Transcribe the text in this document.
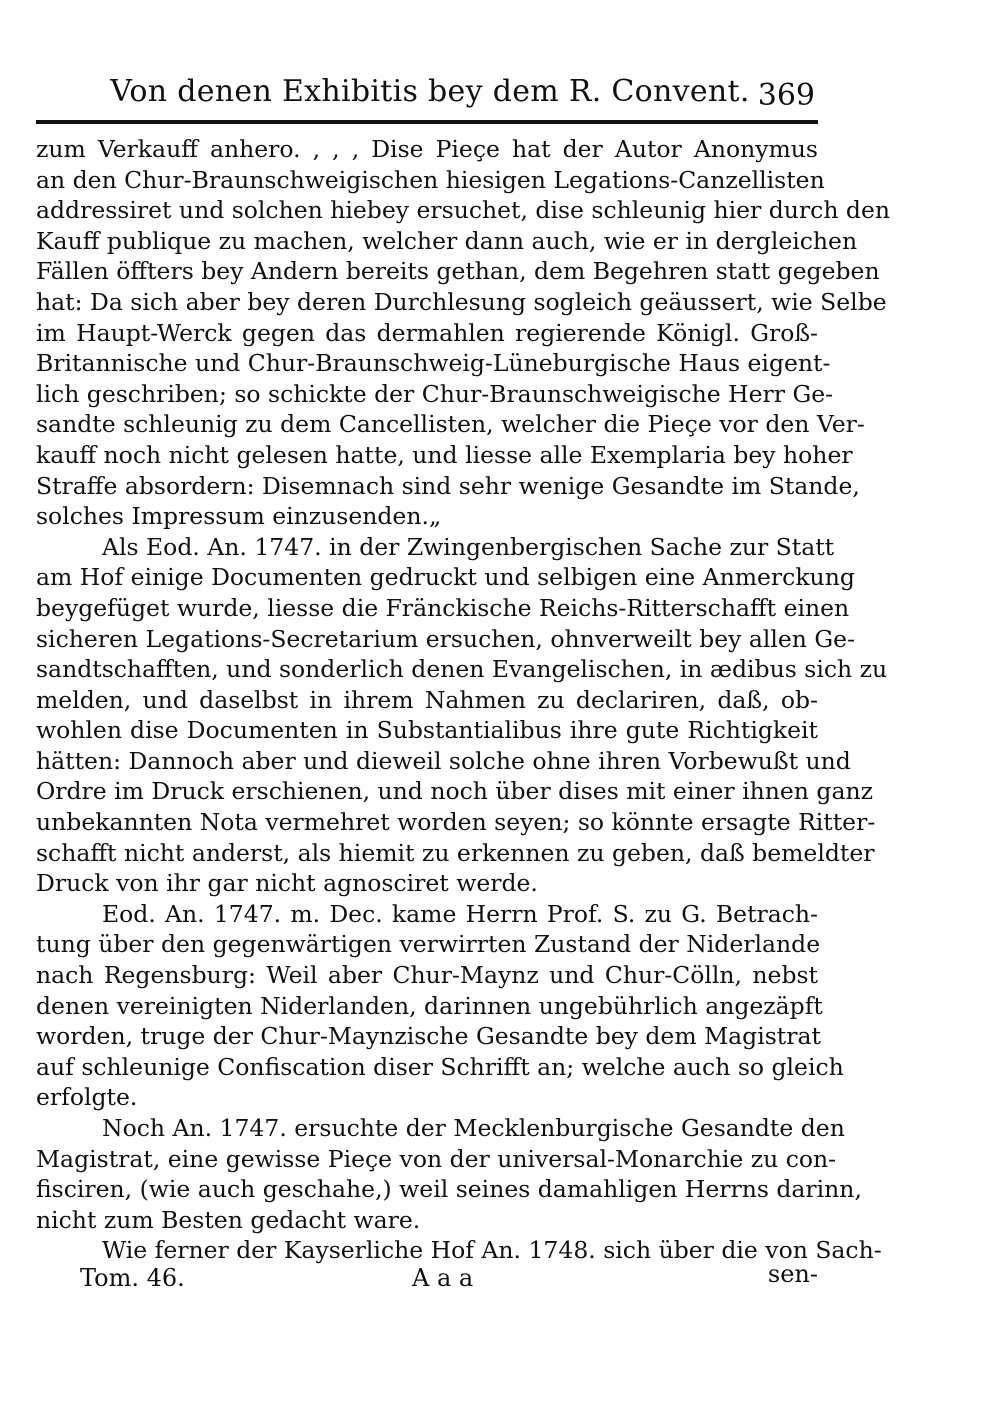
Von denen Exhibitis bey dem R. Convent. 369
zum Verkauff anhero. , , , Dise Pieçe hat der Autor Anonymus
an den Chur-Braunschweigischen hiesigen Legations-Canzellisten
addressiret und solchen hiebey ersuchet, dise schleunig hier durch den
Kauff publique zu machen, welcher dann auch, wie er in dergleichen
Fällen öffters bey Andern bereits gethan, dem Begehren statt gegeben
hat: Da sich aber bey deren Durchlesung sogleich geäussert, wie Selbe
im Haupt-Werck gegen das dermahlen regierende Königl. Groß-
Britannische und Chur-Braunschweig-Lüneburgische Haus eigent-
lich geschriben; so schickte der Chur-Braunschweigische Herr Ge-
sandte schleunig zu dem Cancellisten, welcher die Pieçe vor den Ver-
kauff noch nicht gelesen hatte, und liesse alle Exemplaria bey hoher
Straffe absordern: Disemnach sind sehr wenige Gesandte im Stande,
solches Impressum einzusenden.„
Als Eod. An. 1747. in der Zwingenbergischen Sache zur Statt
am Hof einige Documenten gedruckt und selbigen eine Anmerckung
beygefüget wurde, liesse die Fränckische Reichs-Ritterschafft einen
sicheren Legations-Secretarium ersuchen, ohnverweilt bey allen Ge-
sandtschafften, und sonderlich denen Evangelischen, in ædibus sich zu
melden, und daselbst in ihrem Nahmen zu declariren, daß, ob-
wohlen dise Documenten in Substantialibus ihre gute Richtigkeit
hätten: Dannoch aber und dieweil solche ohne ihren Vorbewußt und
Ordre im Druck erschienen, und noch über dises mit einer ihnen ganz
unbekannten Nota vermehret worden seyen; so könnte ersagte Ritter-
schafft nicht anderst, als hiemit zu erkennen zu geben, daß bemeldter
Druck von ihr gar nicht agnosciret werde.
Eod. An. 1747. m. Dec. kame Herrn Prof. S. zu G. Betrach-
tung über den gegenwärtigen verwirrten Zustand der Niderlande
nach Regensburg: Weil aber Chur-Maynz und Chur-Cölln, nebst
denen vereinigten Niderlanden, darinnen ungebührlich angezäpft
worden, truge der Chur-Maynzische Gesandte bey dem Magistrat
auf schleunige Confiscation diser Schrifft an; welche auch so gleich
erfolgte.
Noch An. 1747. ersuchte der Mecklenburgische Gesandte den
Magistrat, eine gewisse Pieçe von der universal-Monarchie zu con-
fisciren, (wie auch geschahe,) weil seines damahligen Herrns darinn,
nicht zum Besten gedacht ware.
Wie ferner der Kayserliche Hof An. 1748. sich über die von Sach-
Tom. 46.	A a a	sen-
